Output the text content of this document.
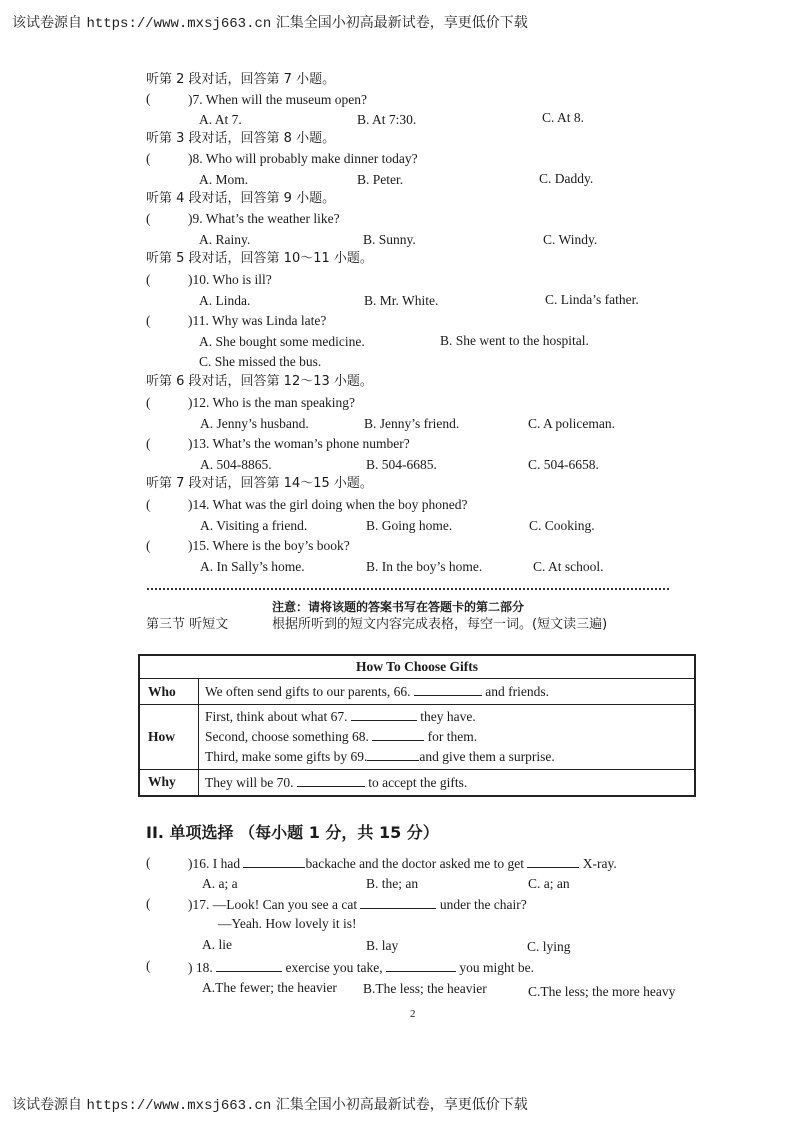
该试卷源自 https://www.mxsj663.cn 汇集全国小初高最新试卷，享更低价下载
听第 2 段对话，回答第 7 小题。
(	)7. When will the museum open?
A. At 7.	B. At 7:30.	C. At 8.
听第 3 段对话，回答第 8 小题。
(	)8. Who will probably make dinner today?
A. Mom.	B. Peter.	C. Daddy.
听第 4 段对话，回答第 9 小题。
(	)9. What’s the weather like?
A. Rainy.	B. Sunny.	C. Windy.
听第 5 段对话，回答第 10～11 小题。
(	)10. Who is ill?
A. Linda.	B. Mr. White.	C. Linda’s father.
(	)11. Why was Linda late?
A. She bought some medicine.	B. She went to the hospital.
C. She missed the bus.
听第 6 段对话，回答第 12～13 小题。
(	)12. Who is the man speaking?
A. Jenny’s husband.	B. Jenny’s friend.	C. A policeman.
(	)13. What’s the woman’s phone number?
A. 504-8865.	B. 504-6685.	C. 504-6658.
听第 7 段对话，回答第 14～15 小题。
(	)14. What was the girl doing when the boy phoned?
A. Visiting a friend.	B. Going home.	C. Cooking.
(	)15. Where is the boy’s book?
A. In Sally’s home.	B. In the boy’s home.	C. At school.
注意：请将该题的答案书写在答题卡的第二部分
第三节 听短文	根据所听到的短文内容完成表格，每空一词。(短文读三遍)
How To Choose Gifts	
Who	We often send gifts to our parents, 66. and friends.
How	First, think about what 67. they have.
Second, choose something 68. for them.
Third, make some gifts by 69. and give them a surprise.
Why	They will be 70. to accept the gifts.
II. 单项选择 （每小题 1 分，共 15 分）
(	)16. I had	backache and the doctor asked me to get	X-ray.
A. a; a	B. the; an	C. a; an
(	)17. —Look! Can you see a cat	under the chair?
—Yeah. How lovely it is!
A. lie	B. lay	C. lying
(	) 18.	exercise you take,	you might be.
A.The fewer; the heavier B.The less; the heavier	C.The less; the more heavy
2
该试卷源自 https://www.mxsj663.cn 汇集全国小初高最新试卷，享更低价下载
